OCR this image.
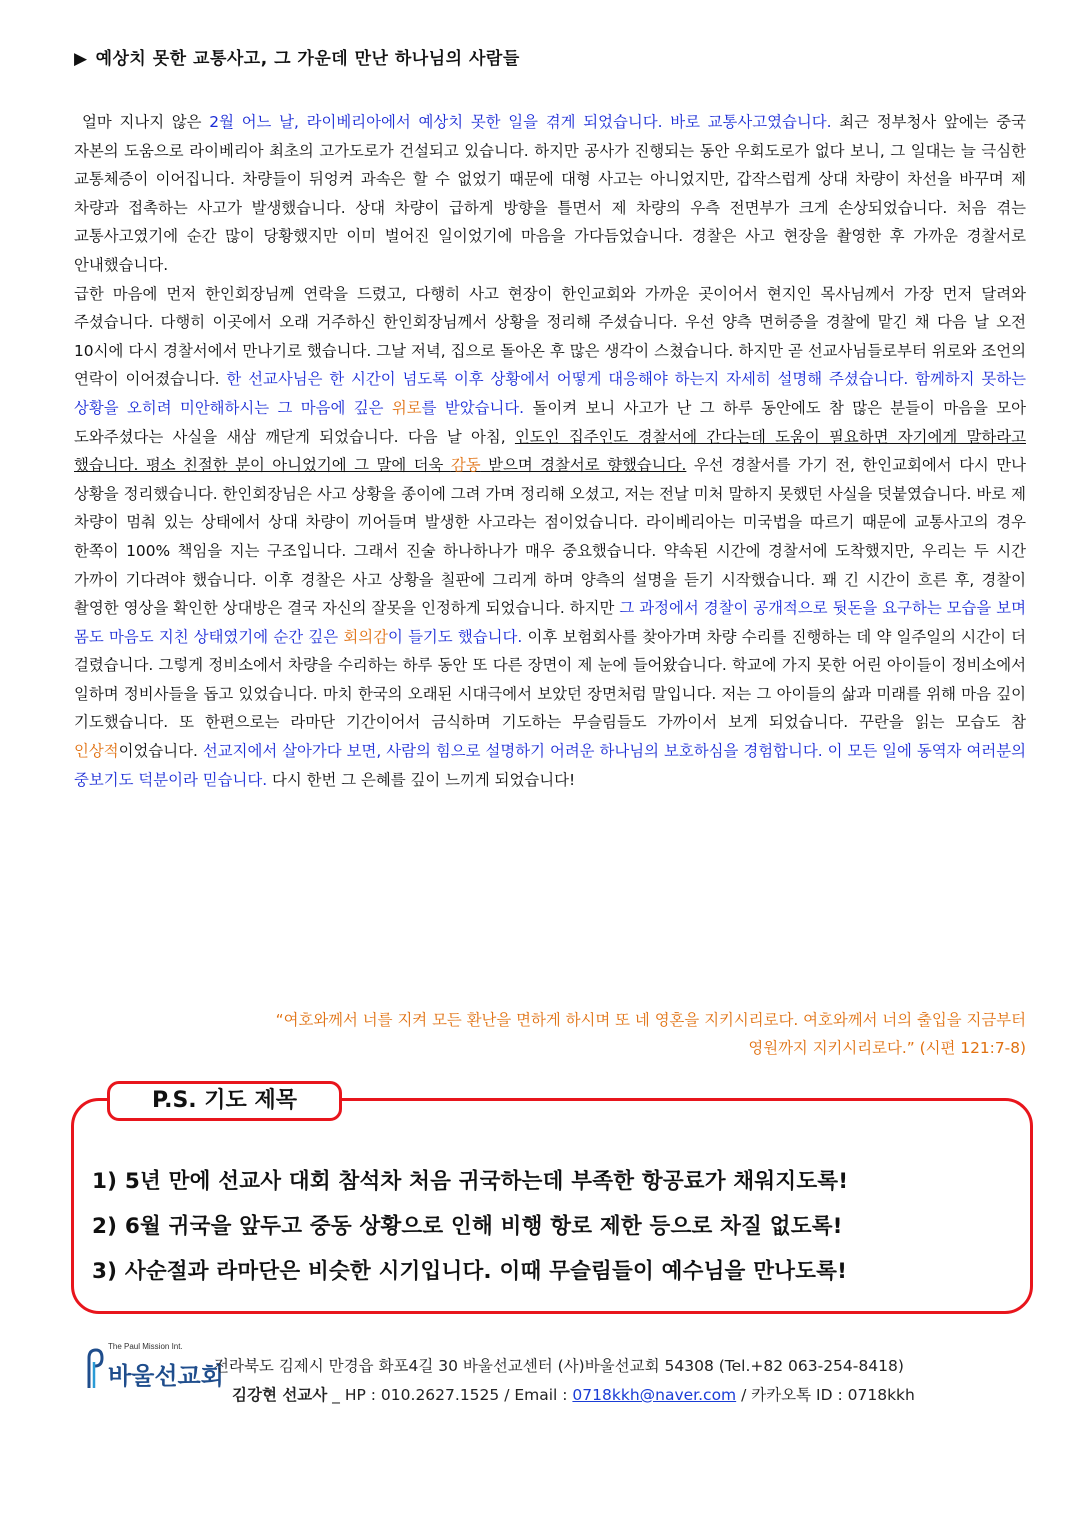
▶ 예상치 못한 교통사고, 그 가운데 만난 하나님의 사람들

얼마 지나지 않은 2월 어느 날, 라이베리아에서 예상치 못한 일을 겪게 되었습니다. 바로 교통사고였습니다. 최근 정부청사 앞에는 중국 자본의 도움으로 라이베리아 최초의 고가도로가 건설되고 있습니다. 하지만 공사가 진행되는 동안 우회도로가 없다 보니, 그 일대는 늘 극심한 교통체증이 이어집니다. 차량들이 뒤엉켜 과속은 할 수 없었기 때문에 대형 사고는 아니었지만, 갑작스럽게 상대 차량이 차선을 바꾸며 제 차량과 접촉하는 사고가 발생했습니다. 상대 차량이 급하게 방향을 틀면서 제 차량의 우측 전면부가 크게 손상되었습니다. 처음 겪는 교통사고였기에 순간 많이 당황했지만 이미 벌어진 일이었기에 마음을 가다듬었습니다. 경찰은 사고 현장을 촬영한 후 가까운 경찰서로 안내했습니다.

급한 마음에 먼저 한인회장님께 연락을 드렸고, 다행히 사고 현장이 한인교회와 가까운 곳이어서 현지인 목사님께서 가장 먼저 달려와 주셨습니다. 다행히 이곳에서 오래 거주하신 한인회장님께서 상황을 정리해 주셨습니다. 우선 양측 면허증을 경찰에 맡긴 채 다음 날 오전 10시에 다시 경찰서에서 만나기로 했습니다. 그날 저녁, 집으로 돌아온 후 많은 생각이 스쳤습니다. 하지만 곧 선교사님들로부터 위로와 조언의 연락이 이어졌습니다. 한 선교사님은 한 시간이 넘도록 이후 상황에서 어떻게 대응해야 하는지 자세히 설명해 주셨습니다. 함께하지 못하는 상황을 오히려 미안해하시는 그 마음에 깊은 위로를 받았습니다. 돌이켜 보니 사고가 난 그 하루 동안에도 참 많은 분들이 마음을 모아 도와주셨다는 사실을 새삼 깨닫게 되었습니다. 다음 날 아침, 인도인 집주인도 경찰서에 간다는데 도움이 필요하면 자기에게 말하라고 했습니다. 평소 친절한 분이 아니었기에 그 말에 더욱 감동 받으며 경찰서로 향했습니다. 우선 경찰서를 가기 전, 한인교회에서 다시 만나 상황을 정리했습니다. 한인회장님은 사고 상황을 종이에 그려 가며 정리해 오셨고, 저는 전날 미처 말하지 못했던 사실을 덧붙였습니다. 바로 제 차량이 멈춰 있는 상태에서 상대 차량이 끼어들며 발생한 사고라는 점이었습니다. 라이베리아는 미국법을 따르기 때문에 교통사고의 경우 한쪽이 100% 책임을 지는 구조입니다. 그래서 진술 하나하나가 매우 중요했습니다. 약속된 시간에 경찰서에 도착했지만, 우리는 두 시간 가까이 기다려야 했습니다. 이후 경찰은 사고 상황을 칠판에 그리게 하며 양측의 설명을 듣기 시작했습니다. 꽤 긴 시간이 흐른 후, 경찰이 촬영한 영상을 확인한 상대방은 결국 자신의 잘못을 인정하게 되었습니다. 하지만 그 과정에서 경찰이 공개적으로 뒷돈을 요구하는 모습을 보며 몸도 마음도 지친 상태였기에 순간 깊은 회의감이 들기도 했습니다. 이후 보험회사를 찾아가며 차량 수리를 진행하는 데 약 일주일의 시간이 더 걸렸습니다. 그렇게 정비소에서 차량을 수리하는 하루 동안 또 다른 장면이 제 눈에 들어왔습니다. 학교에 가지 못한 어린 아이들이 정비소에서 일하며 정비사들을 돕고 있었습니다. 마치 한국의 오래된 시대극에서 보았던 장면처럼 말입니다. 저는 그 아이들의 삶과 미래를 위해 마음 깊이 기도했습니다. 또 한편으로는 라마단 기간이어서 금식하며 기도하는 무슬림들도 가까이서 보게 되었습니다. 꾸란을 읽는 모습도 참 인상적이었습니다. 선교지에서 살아가다 보면, 사람의 힘으로 설명하기 어려운 하나님의 보호하심을 경험합니다. 이 모든 일에 동역자 여러분의 중보기도 덕분이라 믿습니다. 다시 한번 그 은혜를 깊이 느끼게 되었습니다!

“여호와께서 너를 지켜 모든 환난을 면하게 하시며 또 네 영혼을 지키시리로다. 여호와께서 너의 출입을 지금부터
영원까지 지키시리로다.” (시편 121:7-8)
P.S. 기도 제목
1) 5년 만에 선교사 대회 참석차 처음 귀국하는데 부족한 항공료가 채워지도록!
2) 6월 귀국을 앞두고 중동 상황으로 인해 비행 항로 제한 등으로 차질 없도록!
3) 사순절과 라마단은 비슷한 시기입니다. 이때 무슬림들이 예수님을 만나도록!
The Paul Mission Int.
바울선교회
전라북도 김제시 만경읍 화포4길 30 바울선교센터 (사)바울선교회 54308 (Tel.+82 063-254-8418)
김강현 선교사 _ HP : 010.2627.1525 / Email : 0718kkh@naver.com / 카카오톡 ID : 0718kkh
